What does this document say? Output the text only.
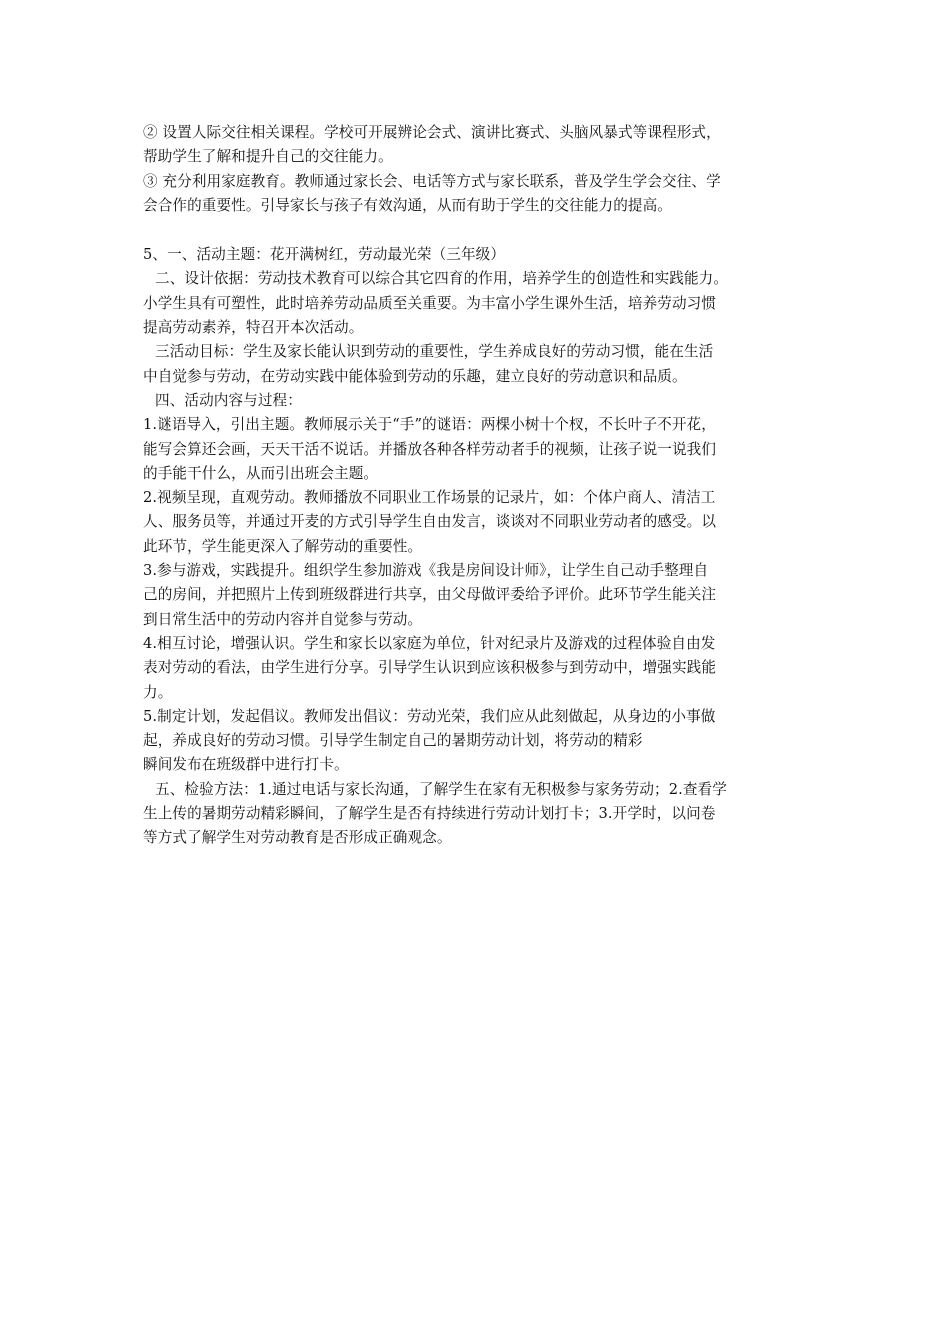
② 设置人际交往相关课程。学校可开展辨论会式、演讲比赛式、头脑风暴式等课程形式，
帮助学生了解和提升自己的交往能力。

③ 充分利用家庭教育。教师通过家长会、电话等方式与家长联系，普及学生学会交往、学
会合作的重要性。引导家长与孩子有效沟通，从而有助于学生的交往能力的提高。

5、一、活动主题：花开满树红，劳动最光荣（三年级）

二、设计依据：劳动技术教育可以综合其它四育的作用，培养学生的创造性和实践能力。

小学生具有可塑性，此时培养劳动品质至关重要。为丰富小学生课外生活，培养劳动习惯
提高劳动素养，特召开本次活动。

三活动目标：学生及家长能认识到劳动的重要性，学生养成良好的劳动习惯，能在生活

中自觉参与劳动，在劳动实践中能体验到劳动的乐趣，建立良好的劳动意识和品质。

四、活动内容与过程：

1.谜语导入，引出主题。教师展示关于“手”的谜语：两棵小树十个杈，不长叶子不开花，
能写会算还会画，天天干活不说话。并播放各种各样劳动者手的视频，让孩子说一说我们
的手能干什么，从而引出班会主题。

2.视频呈现，直观劳动。教师播放不同职业工作场景的记录片，如：个体户商人、清洁工
人、服务员等，并通过开麦的方式引导学生自由发言，谈谈对不同职业劳动者的感受。以
此环节，学生能更深入了解劳动的重要性。

3.参与游戏，实践提升。组织学生参加游戏《我是房间设计师》，让学生自己动手整理自
己的房间，并把照片上传到班级群进行共享，由父母做评委给予评价。此环节学生能关注
到日常生活中的劳动内容并自觉参与劳动。

4.相互讨论，增强认识。学生和家长以家庭为单位，针对纪录片及游戏的过程体验自由发
表对劳动的看法，由学生进行分享。引导学生认识到应该积极参与到劳动中，增强实践能
力。

5.制定计划，发起倡议。教师发出倡议：劳动光荣，我们应从此刻做起，从身边的小事做
起，养成良好的劳动习惯。引导学生制定自己的暑期劳动计划，将劳动的精彩
瞬间发布在班级群中进行打卡。

五、检验方法：1.通过电话与家长沟通，了解学生在家有无积极参与家务劳动；2.查看学

生上传的暑期劳动精彩瞬间，了解学生是否有持续进行劳动计划打卡；3.开学时，以问卷
等方式了解学生对劳动教育是否形成正确观念。
